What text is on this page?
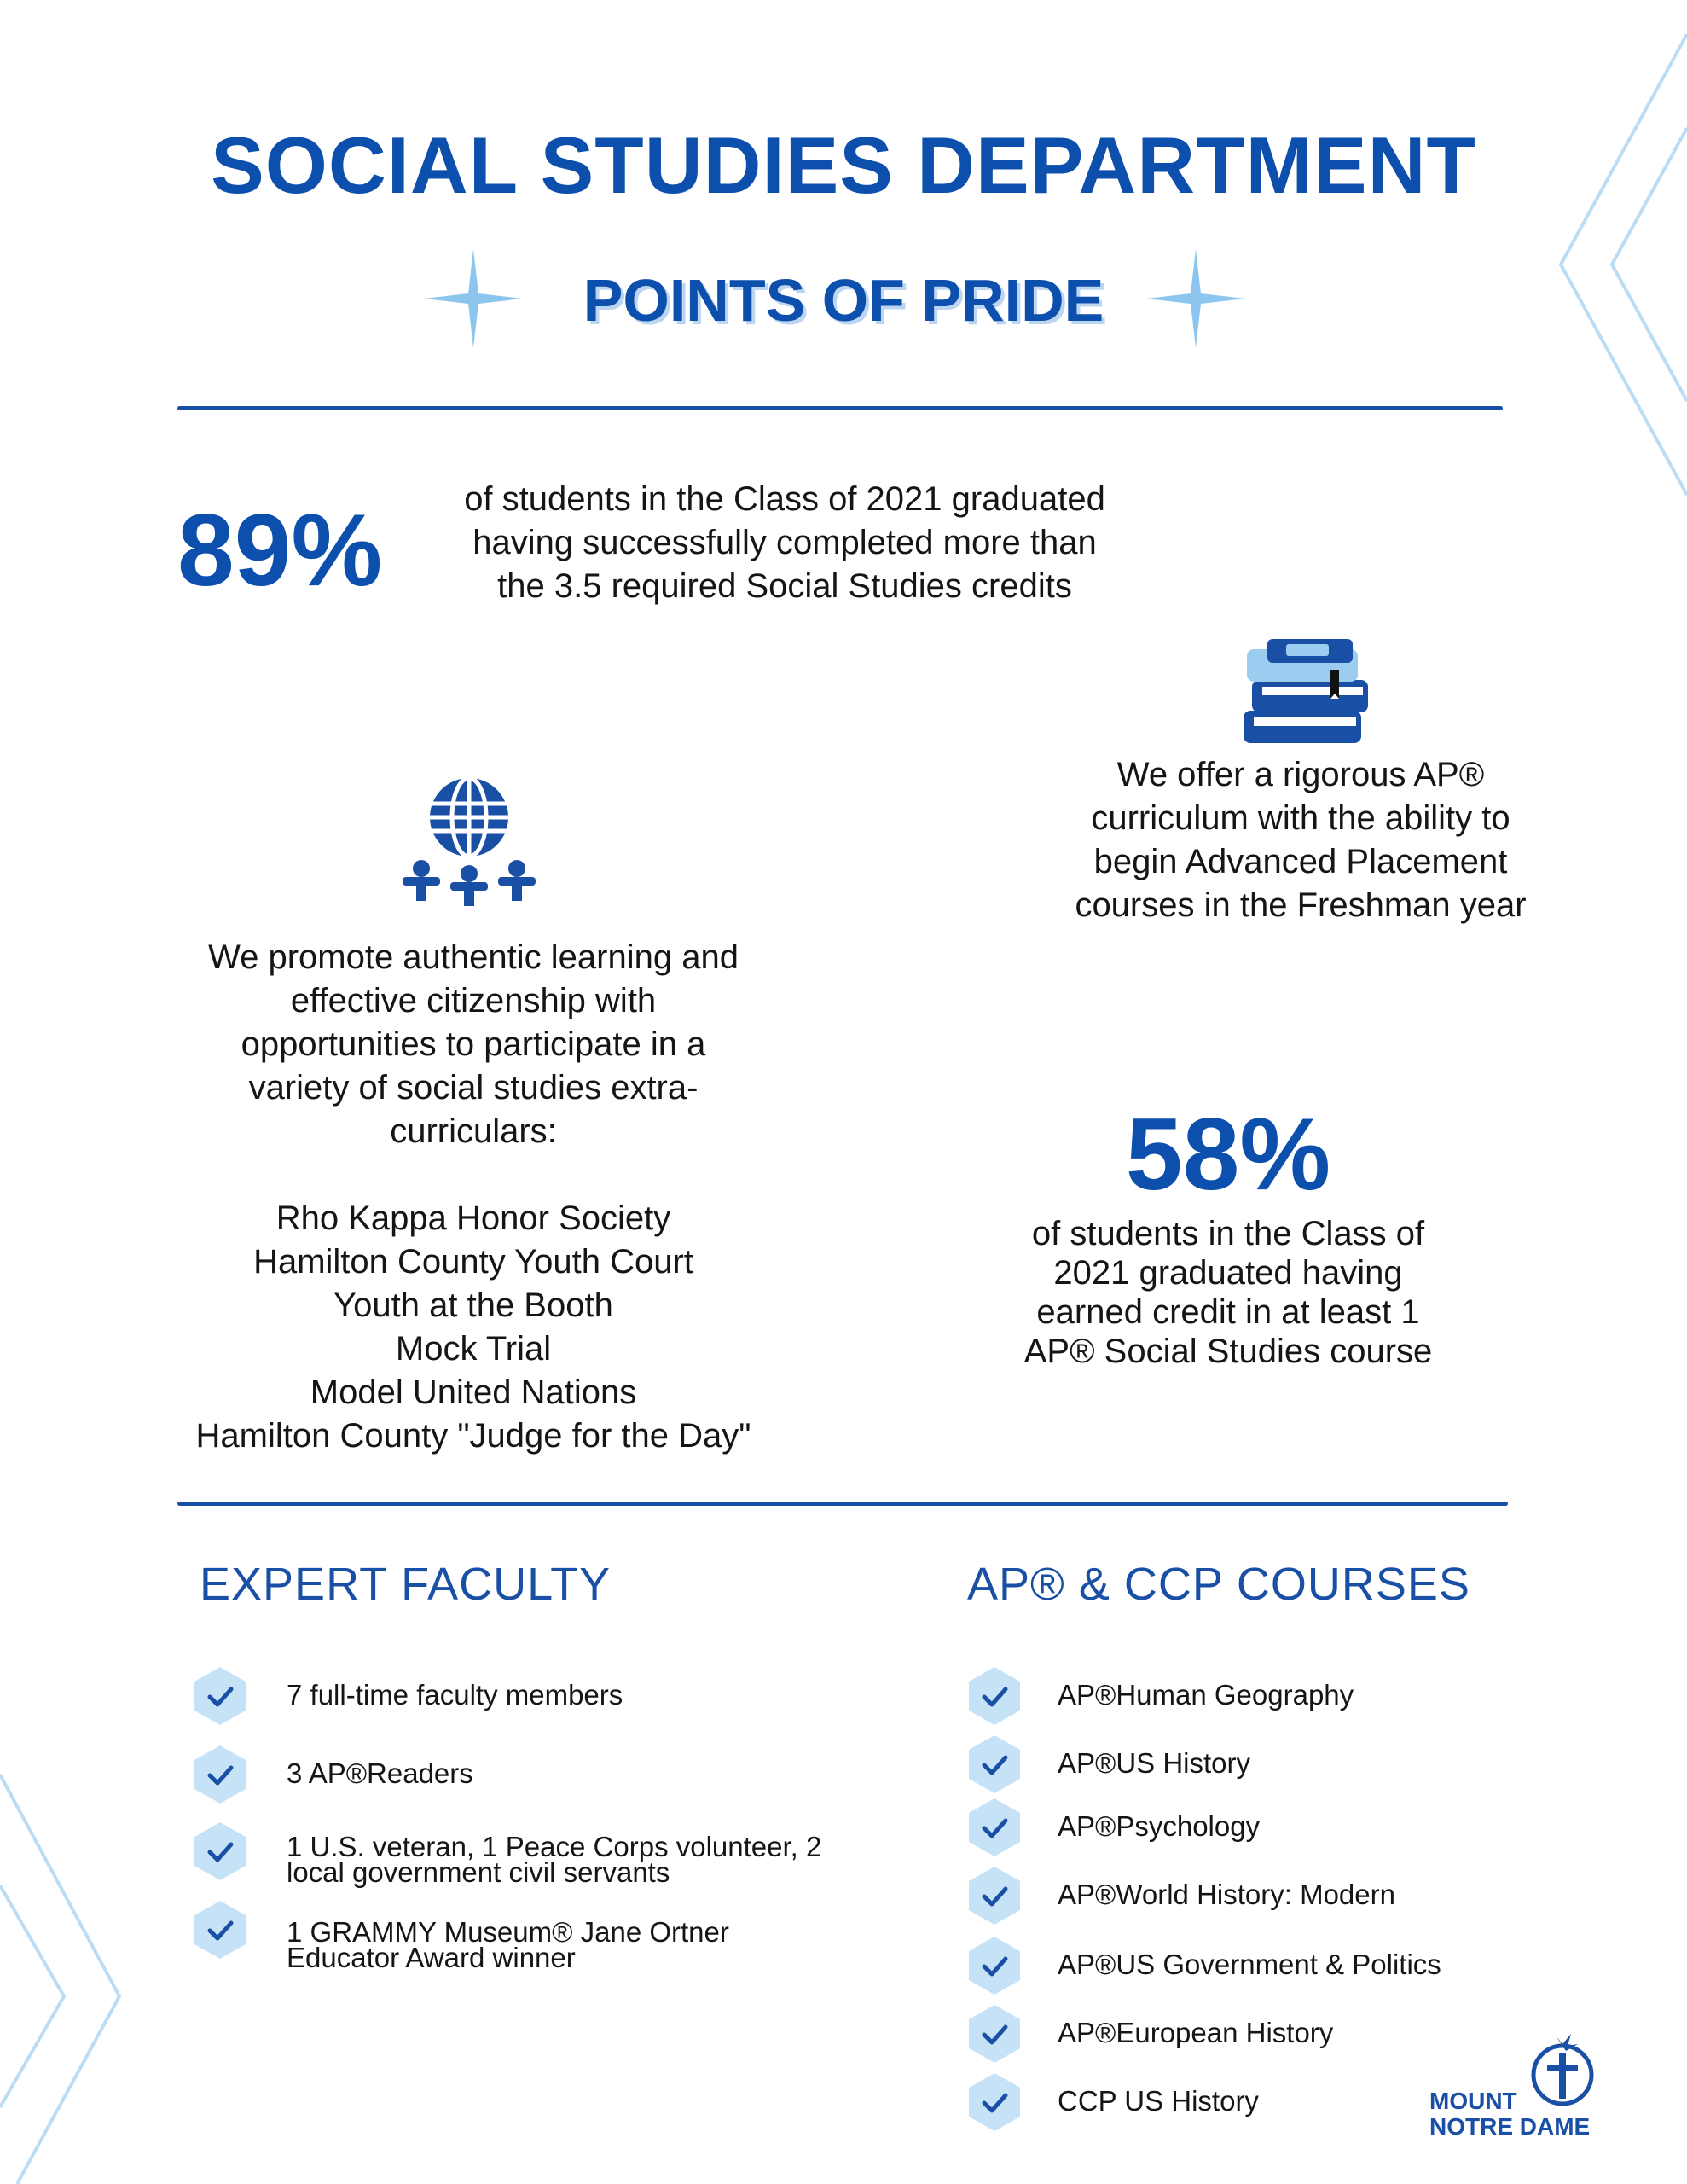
SOCIAL STUDIES DEPARTMENT
POINTS OF PRIDE
89%	of students in the Class of 2021 graduated
having successfully completed more than
the 3.5 required Social Studies credits
We offer a rigorous AP®
curriculum with the ability to
begin Advanced Placement
courses in the Freshman year
We promote authentic learning and
effective citizenship with
opportunities to participate in a
variety of social studies extra-
curriculars:
Rho Kappa Honor Society
Hamilton County Youth Court
Youth at the Booth
Mock Trial
Model United Nations
Hamilton County "Judge for the Day"
58%
of students in the Class of
2021 graduated having
earned credit in at least 1
AP® Social Studies course
EXPERT FACULTY
7 full-time faculty members
3 AP®Readers
1 U.S. veteran, 1 Peace Corps volunteer, 2
local government civil servants
1 GRAMMY Museum® Jane Ortner
Educator Award winner
AP® & CCP COURSES
AP®Human Geography
AP®US History
AP®Psychology
AP®World History: Modern
AP®US Government & Politics
AP®European History
CCP US History	MOUNT
NOTRE DAME
